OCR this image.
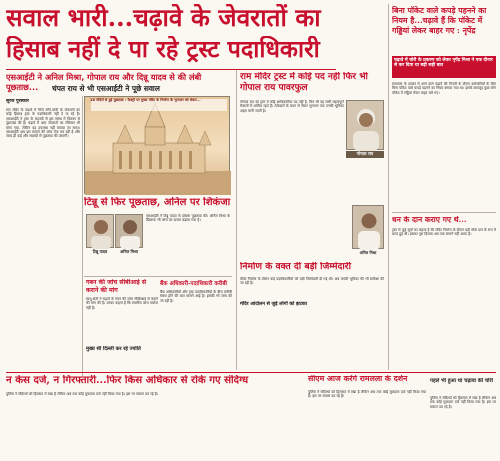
सवाल भारी...चढ़ावे के जेवरातों का
हिसाब नहीं दे पा रहे ट्रस्ट पदाधिकारी
एसआईटी ने अनिल मिश्रा, गोपाल राय और दिन्नू यादव से की लंबी पूछताछ...	चंपत राय से भी एसआईटी ने पूछे सवाल
सूरज पुरस्कार
राम मंदिर के चढ़ावे में मिले सोने-चांदी के जेवरातों का कोई हिसाब ट्रस्ट के पदाधिकारी नहीं दे पा रहे हैं। एसआईटी ने ट्रस्ट के सदस्यों से इस संबंध में विस्तार से पूछताछ की है। चढ़ावे में आए जेवरातों का रजिस्टर भी मांगा गया, लेकिन वह उपलब्ध नहीं कराया जा सका। एसआईटी अब इस मामले की जांच तेज कर रही है और जल्द ही कई और सदस्यों से पूछताछ की जाएगी।
18 मंदिरों से हुई पूछताछ : फैक्ट्री पर मुख्य मंदिर के निर्माण के भुगतान को लेकर...
टिन्नू से फिर पूछताछ, अनिल पर शिकंजा
टिन्नू यादव	अनिल मिश्रा
एसआईटी ने टिन्नू यादव से दोबारा पूछताछ की। अनिल मिश्रा के खिलाफ भी जांच का दायरा बढ़ाया गया है।
गबन की जांच सीबीआई से कराने की मांग
साधु-संतों ने चढ़ावे के गबन की जांच सीबीआई से कराने की मांग की है। उनका कहना है कि स्थानीय जांच पर्याप्त नहीं है।
मुख्य सी दिल्ली कर रहे ज्योति
बैंक अधिकारी-पदाधिकारी करीबी
बैंक अधिकारियों और ट्रस्ट पदाधिकारियों के बीच करीबी संबंध होने की बात सामने आई है। इसकी भी जांच की जा रही है।
राम मंदिर ट्रस्ट में कोई पद नहीं फिर भी गोपाल राय पावरफुल
गोपाल राय का ट्रस्ट में कोई आधिकारिक पद नहीं है, फिर भी वह सभी महत्वपूर्ण फैसलों में शामिल रहते हैं। ठेकेदारों के चयन से लेकर भुगतान तक उनकी भूमिका अहम मानी जाती है।
गोपाल राय
निर्माण के वक्त दी बड़ी जिम्मेदारी
मंदिर निर्माण के दौरान कई पदाधिकारियों को बड़ी जिम्मेदारी दी गई थी। अब उनकी भूमिका की भी समीक्षा की जा रही है।
मंदिर आंदोलन से जुड़े लोगों को झटका
अनिल मिश्रा
बिना पॉकेट वाले कपड़े पहनने का नियम है...चढ़ावे हैं कि पॉकेट में गड्डियां लेकर बाहर गए : नृपेंद्र
चढ़ावे में चोरी के प्रकरण को लेकर नृपेंद्र मिश्रा ने एक दीनार से कर दिया था बड़ी सही बात
रामलला के दरबार में आने वाले चढ़ावे की गिनती के दौरान कर्मचारियों के लिए बिना पॉकेट वाले कपड़े पहनने का नियम बनाया गया था। इसके बावजूद कुछ लोग पॉकेट में गड्डियां लेकर बाहर चले गए।
धन के दान कराए गए थे...
ट्रस्ट से जुड़े सूत्रों का कहना है कि मंदिर निर्माण के दौरान बड़ी राशि दान के रूप में प्राप्त हुई थी। इसका पूरा हिसाब अब तक सामने नहीं आया है।
न केस दर्ज, न गिरफ्तारी...फिर किस अधिकार से रोके गए संदिग्ध
पुलिस ने संदिग्धों को हिरासत में रखा है लेकिन अब तक कोई मुकदमा दर्ज नहीं किया गया है। इस पर सवाल उठ रहे हैं।
सीएम आज करेंगे रामलला के दर्शन
पुलिस ने संदिग्धों को हिरासत में रखा है लेकिन अब तक कोई मुकदमा दर्ज नहीं किया गया है। इस पर सवाल उठ रहे हैं।
पहले भी हुआ था चढ़ावा की चोरी
पुलिस ने संदिग्धों को हिरासत में रखा है लेकिन अब तक कोई मुकदमा दर्ज नहीं किया गया है। इस पर सवाल उठ रहे हैं।
